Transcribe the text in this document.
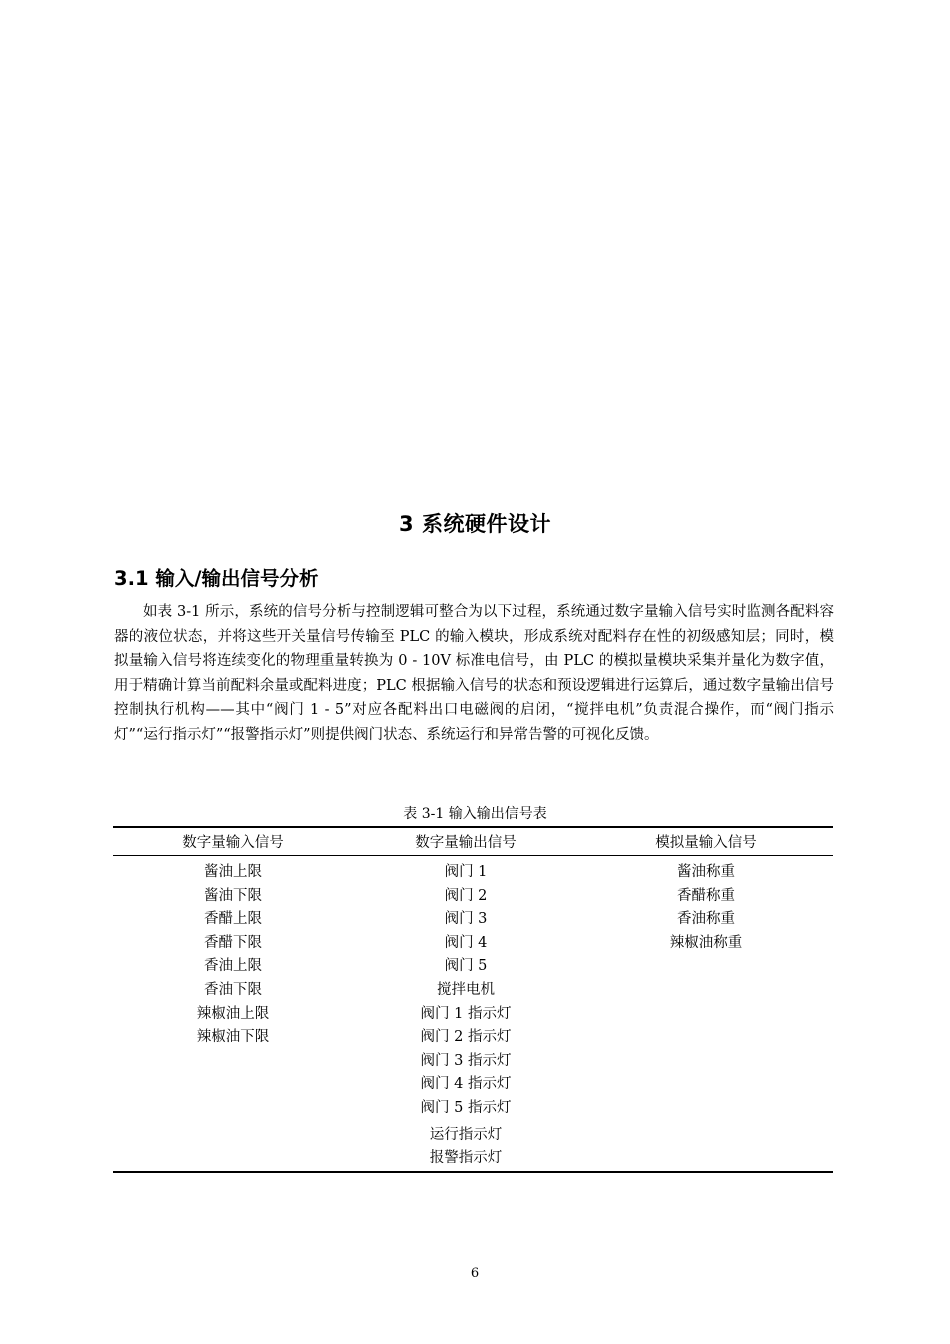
3 系统硬件设计
3.1 输入/输出信号分析

如表 3-1 所示，系统的信号分析与控制逻辑可整合为以下过程，系统通过数字量输入信号实时监测各配料容器的液位状态，并将这些开关量信号传输至 PLC 的输入模块，形成系统对配料存在性的初级感知层；同时，模拟量输入信号将连续变化的物理重量转换为 0 - 10V 标准电信号，由 PLC 的模拟量模块采集并量化为数字值，用于精确计算当前配料余量或配料进度；PLC 根据输入信号的状态和预设逻辑进行运算后，通过数字量输出信号控制执行机构——其中“阀门 1 - 5”对应各配料出口电磁阀的启闭，“搅拌电机”负责混合操作，而“阀门指示灯”“运行指示灯”“报警指示灯”则提供阀门状态、系统运行和异常告警的可视化反馈。

表 3-1 输入输出信号表
数字量输入信号	数字量输出信号	模拟量输入信号
酱油上限	阀门 1	酱油称重
酱油下限	阀门 2	香醋称重
香醋上限	阀门 3	香油称重
香醋下限	阀门 4	辣椒油称重
香油上限	阀门 5	
香油下限	搅拌电机	
辣椒油上限	阀门 1 指示灯	
辣椒油下限	阀门 2 指示灯	
	阀门 3 指示灯	
	阀门 4 指示灯	
	阀门 5 指示灯	
	运行指示灯	
	报警指示灯	
6
